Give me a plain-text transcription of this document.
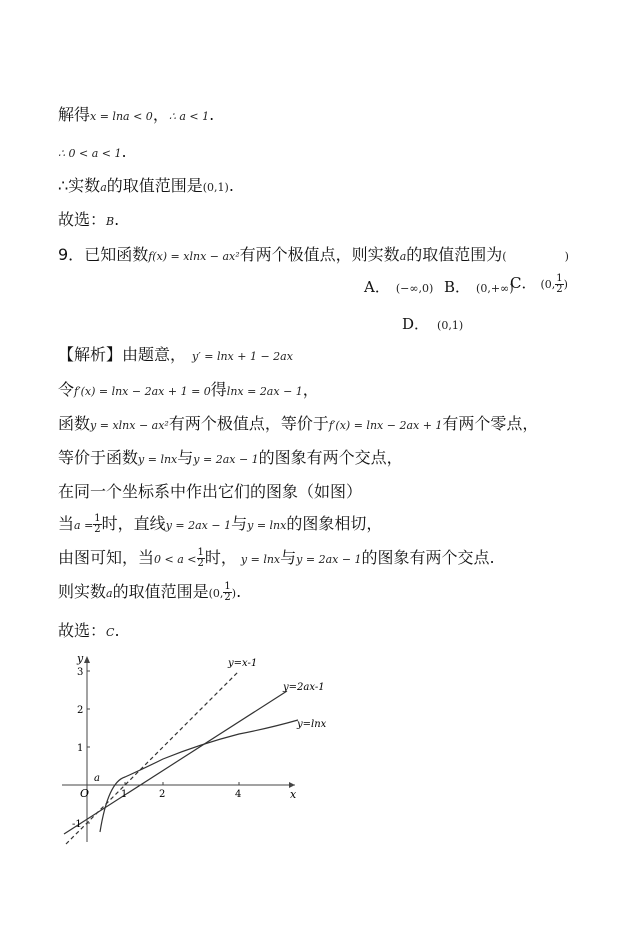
解得x = lna < 0，∴ a < 1.
∴ 0 < a < 1.
∴实数a的取值范围是(0,1).
故选：B.
9．已知函数f(x) = xlnx − ax²有两个极值点，则实数a的取值范围为(	)
A． (−∞,0) B． (0,+∞)
C． (0, $\frac{1}{2}$ )
D． (0,1)
【解析】由题意， y′ = lnx + 1 − 2ax
令f′(x) = lnx − 2ax + 1 = 0得lnx = 2ax − 1，
函数y = xlnx − ax²有两个极值点，等价于f′(x) = lnx − 2ax + 1有两个零点，
等价于函数y = lnx与y = 2ax − 1的图象有两个交点，
在同一个坐标系中作出它们的图象（如图）
当$a = \frac{1}{2}$ 时，直线y = 2ax − 1与y = lnx的图象相切，
由图可知，当$0 < a < \frac{1}{2}$ 时， y = lnx与y = 2ax − 1的图象有两个交点.
则实数a的取值范围是(0, $\frac{1}{2}$ ).
故选：C.
y
x
O
a
1	2	4
3
2
1
-1
y=x-1
y=2ax-1
y=lnx
